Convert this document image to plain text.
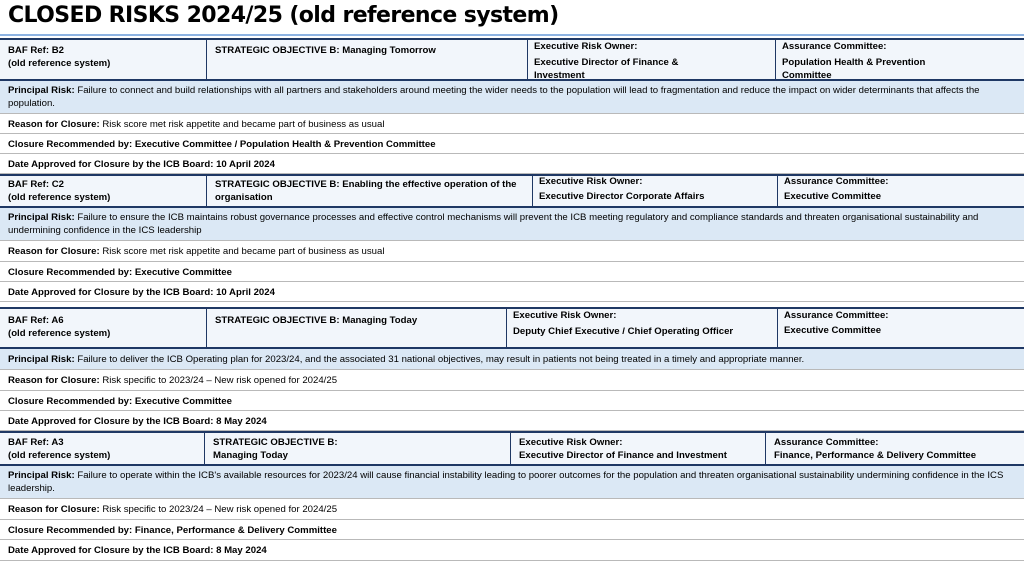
CLOSED RISKS 2024/25 (old reference system)
BAF Ref: B2
(old reference system)
STRATEGIC OBJECTIVE B: Managing Tomorrow	Executive Risk Owner:
Executive Director of Finance & Investment
Assurance Committee:
Population Health & Prevention Committee
Principal Risk: Failure to connect and build relationships with all partners and stakeholders around meeting the wider needs to the population will lead to fragmentation and reduce the impact on wider determinants that affects the population.
Reason for Closure: Risk score met risk appetite and became part of business as usual
Closure Recommended by: Executive Committee / Population Health & Prevention Committee
Date Approved for Closure by the ICB Board: 10 April 2024
BAF Ref: C2
(old reference system)
STRATEGIC OBJECTIVE B: Enabling the effective operation of the organisation
Executive Risk Owner:
Executive Director Corporate Affairs
Assurance Committee:
Executive Committee
Principal Risk: Failure to ensure the ICB maintains robust governance processes and effective control mechanisms will prevent the ICB meeting regulatory and compliance standards and threaten organisational sustainability and undermining confidence in the ICS leadership
Reason for Closure: Risk score met risk appetite and became part of business as usual
Closure Recommended by: Executive Committee
Date Approved for Closure by the ICB Board: 10 April 2024
BAF Ref: A6
(old reference system)
STRATEGIC OBJECTIVE B: Managing Today	Executive Risk Owner:
Deputy Chief Executive / Chief Operating Officer
Assurance Committee:
Executive Committee
Principal Risk: Failure to deliver the ICB Operating plan for 2023/24, and the associated 31 national objectives, may result in patients not being treated in a timely and appropriate manner.
Reason for Closure: Risk specific to 2023/24 – New risk opened for 2024/25
Closure Recommended by: Executive Committee
Date Approved for Closure by the ICB Board: 8 May 2024
BAF Ref: A3
(old reference system)
STRATEGIC OBJECTIVE B: Managing Today
Executive Risk Owner:
Executive Director of Finance and Investment
Assurance Committee:
Finance, Performance & Delivery Committee
Principal Risk: Failure to operate within the ICB's available resources for 2023/24 will cause financial instability leading to poorer outcomes for the population and threaten organisational sustainability undermining confidence in the ICS leadership.
Reason for Closure: Risk specific to 2023/24 – New risk opened for 2024/25
Closure Recommended by: Finance, Performance & Delivery Committee
Date Approved for Closure by the ICB Board: 8 May 2024
